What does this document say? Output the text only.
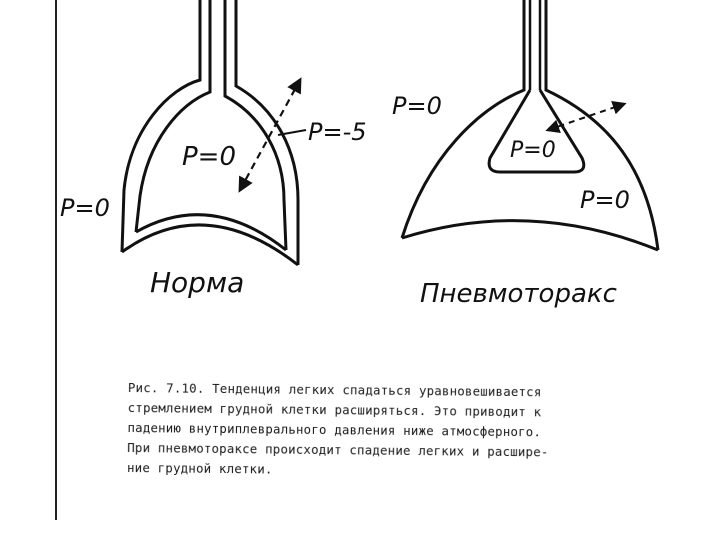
P=0
P=-5
P=0
Норма
P=0
P=0
P=0
Пневмоторакс
Рис. 7.10. Тенденция легких спадаться уравновешивается
стремлением грудной клетки расширяться. Это приводит к
падению внутриплеврального давления ниже атмосферного.
При пневмотораксе происходит спадение легких и расшире-
ние грудной клетки.
